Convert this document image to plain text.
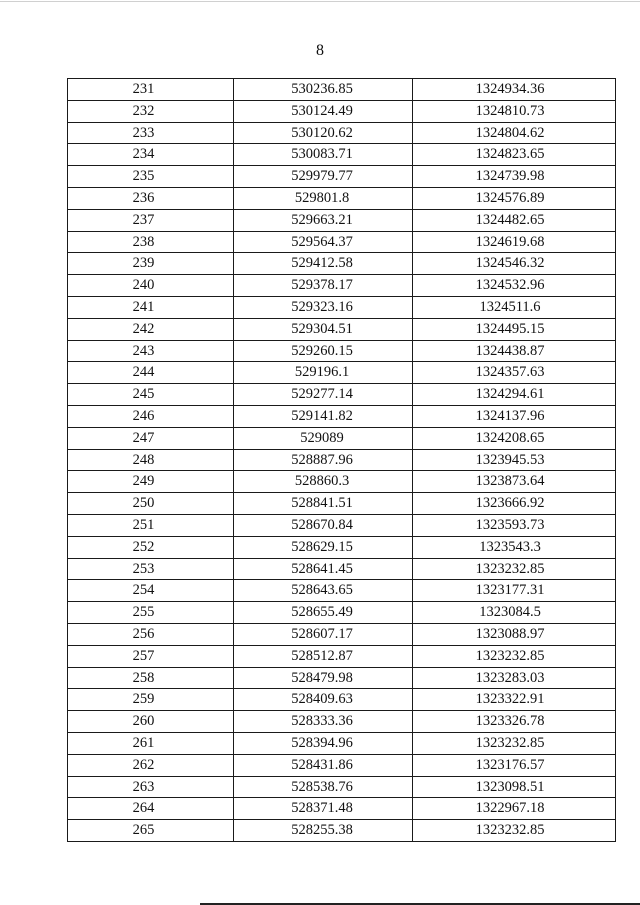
8
231	530236.85	1324934.36
232	530124.49	1324810.73
233	530120.62	1324804.62
234	530083.71	1324823.65
235	529979.77	1324739.98
236	529801.8	1324576.89
237	529663.21	1324482.65
238	529564.37	1324619.68
239	529412.58	1324546.32
240	529378.17	1324532.96
241	529323.16	1324511.6
242	529304.51	1324495.15
243	529260.15	1324438.87
244	529196.1	1324357.63
245	529277.14	1324294.61
246	529141.82	1324137.96
247	529089	1324208.65
248	528887.96	1323945.53
249	528860.3	1323873.64
250	528841.51	1323666.92
251	528670.84	1323593.73
252	528629.15	1323543.3
253	528641.45	1323232.85
254	528643.65	1323177.31
255	528655.49	1323084.5
256	528607.17	1323088.97
257	528512.87	1323232.85
258	528479.98	1323283.03
259	528409.63	1323322.91
260	528333.36	1323326.78
261	528394.96	1323232.85
262	528431.86	1323176.57
263	528538.76	1323098.51
264	528371.48	1322967.18
265	528255.38	1323232.85
